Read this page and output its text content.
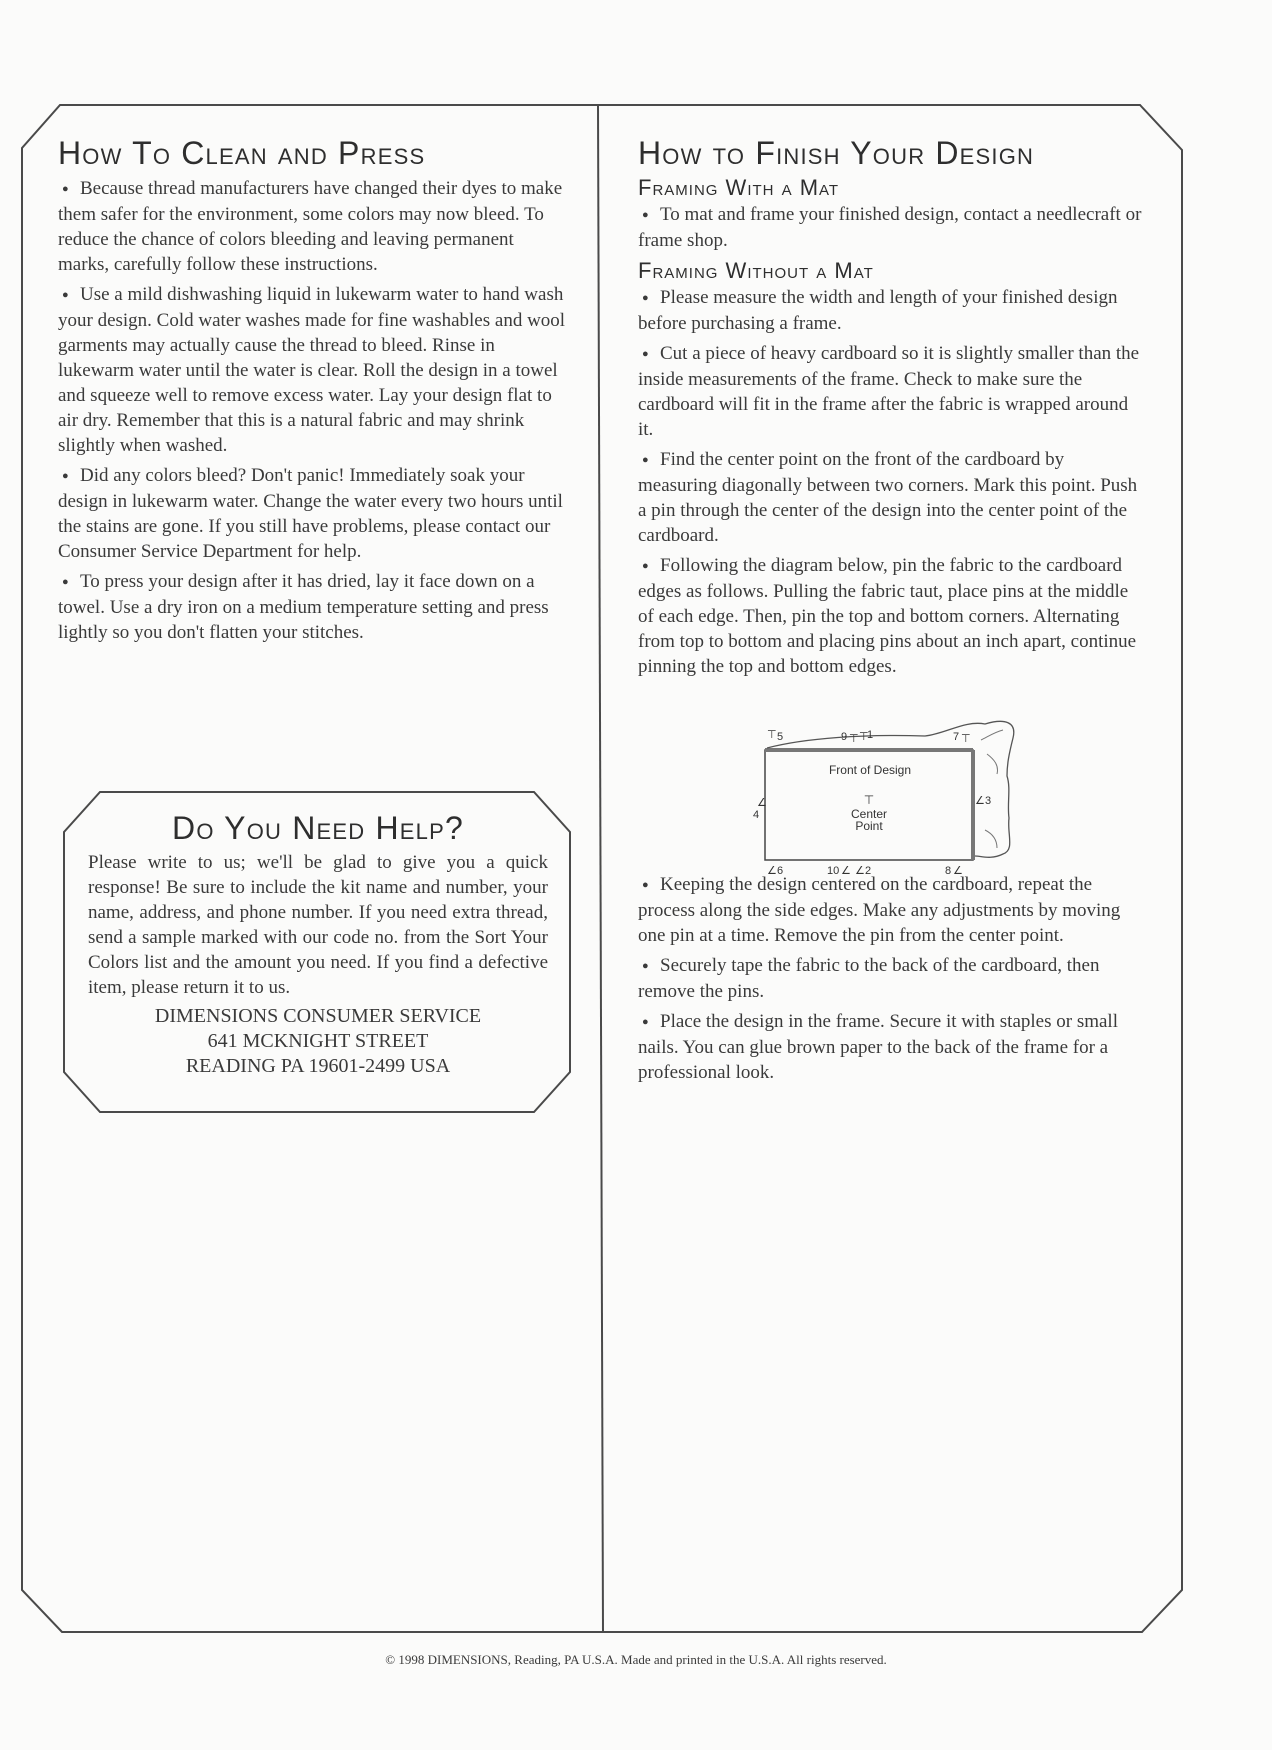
How To Clean and Press

●Because thread manufacturers have changed their dyes to make them safer for the environment, some colors may now bleed. To reduce the chance of colors bleeding and leaving permanent marks, carefully follow these instructions.

●Use a mild dishwashing liquid in lukewarm water to hand wash your design. Cold water washes made for fine washables and wool garments may actually cause the thread to bleed. Rinse in lukewarm water until the water is clear. Roll the design in a towel and squeeze well to remove excess water. Lay your design flat to air dry. Remember that this is a natural fabric and may shrink slightly when washed.

●Did any colors bleed? Don't panic! Immediately soak your design in lukewarm water. Change the water every two hours until the stains are gone. If you still have problems, please contact our Consumer Service Department for help.

●To press your design after it has dried, lay it face down on a towel. Use a dry iron on a medium temperature setting and press lightly so you don't flatten your stitches.

Do You Need Help?
Please write to us; we'll be glad to give you a quick response! Be sure to include the kit name and number, your name, address, and phone number. If you need extra thread, send a sample marked with our code no. from the Sort Your Colors list and the amount you need. If you find a defective item, please return it to us.
DIMENSIONS CONSUMER SERVICE
641 MCKNIGHT STREET
READING PA 19601-2499 USA
How to Finish Your Design
Framing With a Mat

●To mat and frame your finished design, contact a needlecraft or frame shop.

Framing Without a Mat

●Please measure the width and length of your finished design before purchasing a frame.

●Cut a piece of heavy cardboard so it is slightly smaller than the inside measurements of the frame. Check to make sure the cardboard will fit in the frame after the fabric is wrapped around it.

●Find the center point on the front of the cardboard by measuring diagonally between two corners. Mark this point. Push a pin through the center of the design into the center point of the cardboard.

●Following the diagram below, pin the fabric to the cardboard edges as follows. Pulling the fabric taut, place pins at the middle of each edge. Then, pin the top and bottom corners. Alternating from top to bottom and placing pins about an inch apart, continue pinning the top and bottom edges.

●Keeping the design centered on the cardboard, repeat the process along the side edges. Make any adjustments by moving one pin at a time. Remove the pin from the center point.

●Securely tape the fabric to the back of the cardboard, then remove the pins.

●Place the design in the frame. Secure it with staples or small nails. You can glue brown paper to the back of the frame for a professional look.

Front of Design
⊤
Center
Point
⊤ 5	9 ⊤ ⊤
1	7 ⊤
∠
4
∠ 3
∠ 6	10 ∠ ∠ 2	8 ∠
© 1998 DIMENSIONS, Reading, PA U.S.A. Made and printed in the U.S.A. All rights reserved.
